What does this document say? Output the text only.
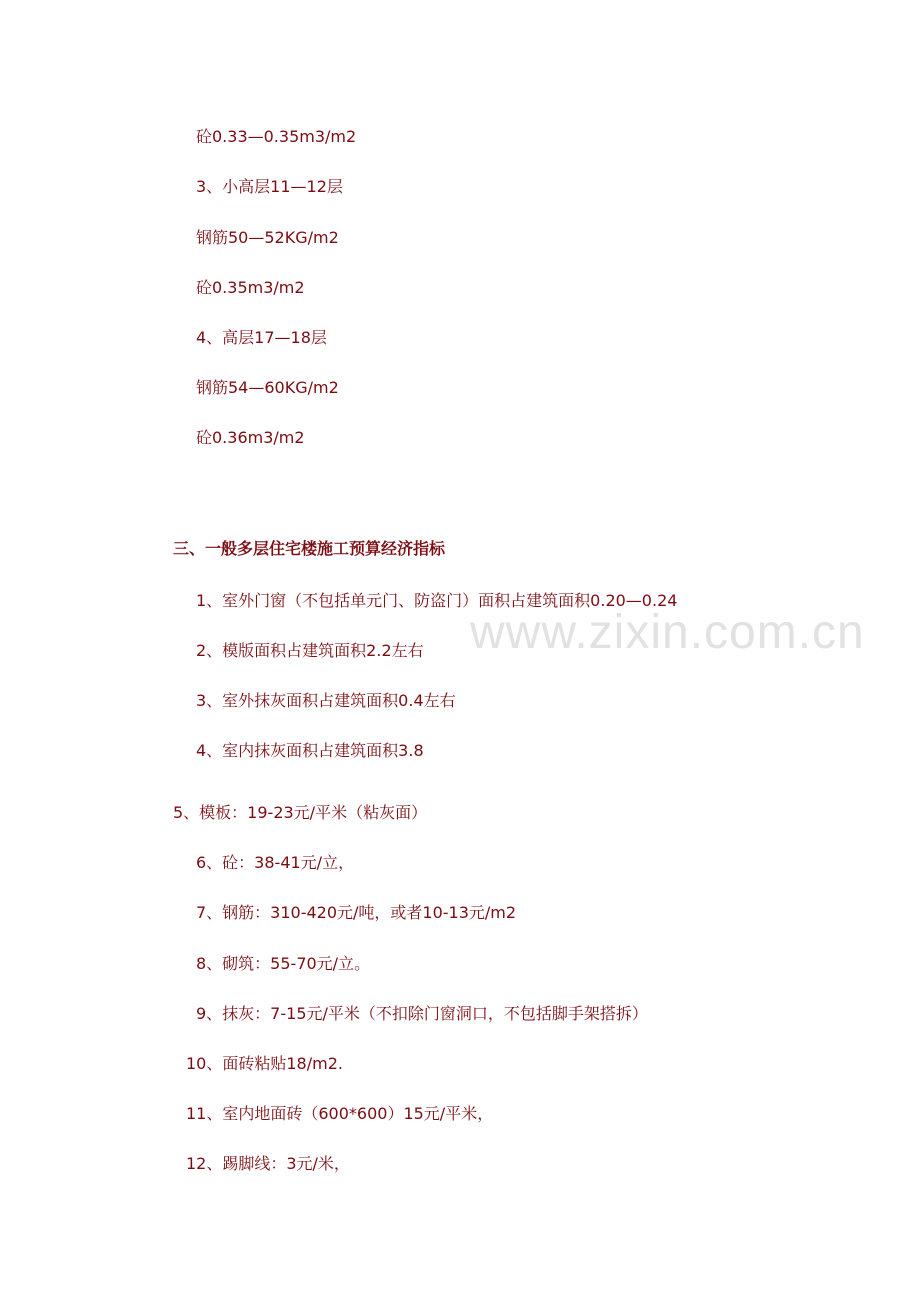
www.zixin.com.cn
砼0.33—0.35m3/m2
3、小高层11—12层
钢筋50—52KG/m2
砼0.35m3/m2
4、高层17—18层
钢筋54—60KG/m2
砼0.36m3/m2
三、一般多层住宅楼施工预算经济指标
1、室外门窗（不包括单元门、防盗门）面积占建筑面积0.20—0.24
2、模版面积占建筑面积2.2左右
3、室外抹灰面积占建筑面积0.4左右
4、室内抹灰面积占建筑面积3.8
5、模板：19-23元/平米（粘灰面）
6、砼：38-41元/立，
7、钢筋：310-420元/吨，或者10-13元/m2
8、砌筑：55-70元/立。
9、抹灰：7-15元/平米（不扣除门窗洞口，不包括脚手架搭拆）
10、面砖粘贴18/m2.
11、室内地面砖（600*600）15元/平米，
12、踢脚线：3元/米，
